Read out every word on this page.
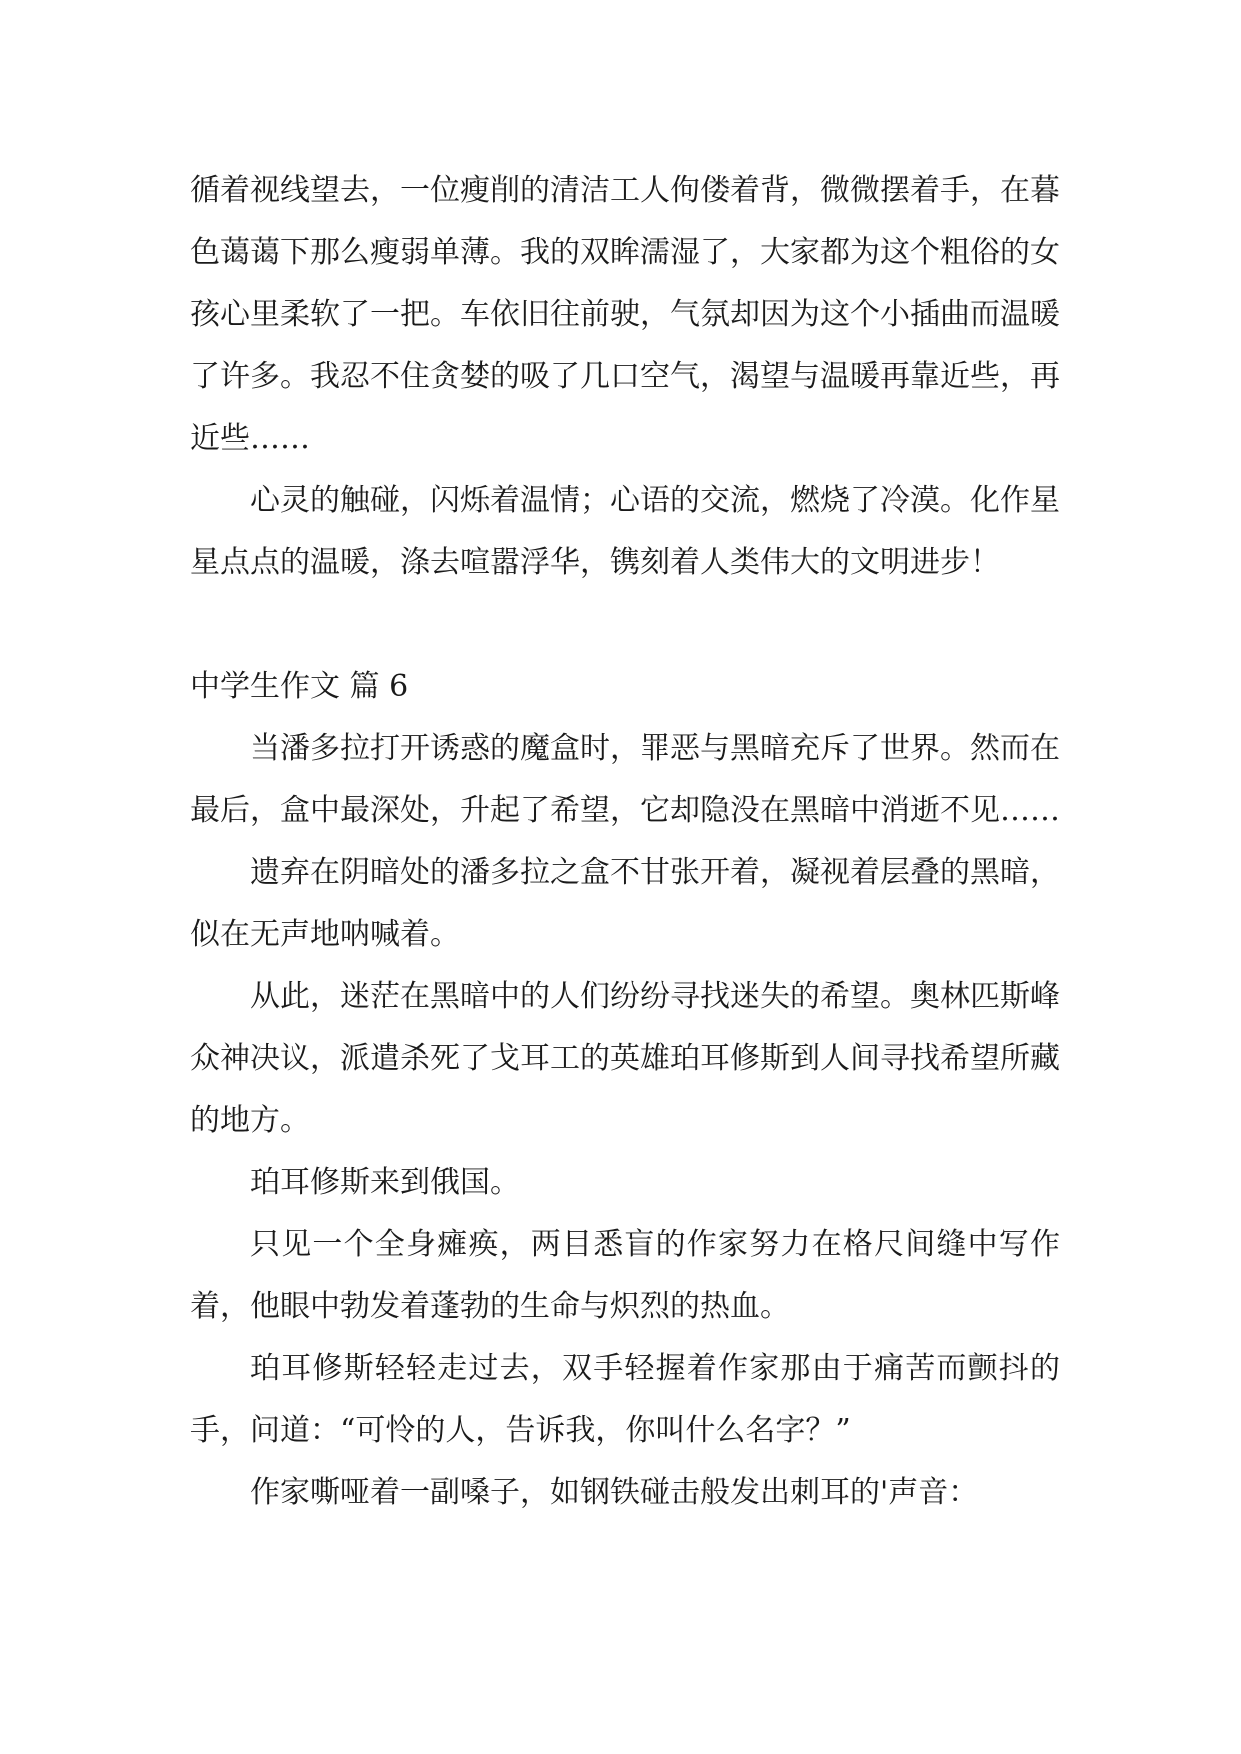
循着视线望去，一位瘦削的清洁工人佝偻着背，微微摆着手，在暮色蔼蔼下那么瘦弱单薄。我的双眸濡湿了，大家都为这个粗俗的女孩心里柔软了一把。车依旧往前驶，气氛却因为这个小插曲而温暖了许多。我忍不住贪婪的吸了几口空气，渴望与温暖再靠近些，再近些……

心灵的触碰，闪烁着温情；心语的交流，燃烧了冷漠。化作星星点点的温暖，涤去喧嚣浮华，镌刻着人类伟大的文明进步！

中学生作文 篇 6

当潘多拉打开诱惑的魔盒时，罪恶与黑暗充斥了世界。然而在最后，盒中最深处，升起了希望，它却隐没在黑暗中消逝不见……

遗弃在阴暗处的潘多拉之盒不甘张开着，凝视着层叠的黑暗，似在无声地呐喊着。

从此，迷茫在黑暗中的人们纷纷寻找迷失的希望。奥林匹斯峰众神决议，派遣杀死了戈耳工的英雄珀耳修斯到人间寻找希望所藏的地方。

珀耳修斯来到俄国。

只见一个全身瘫痪，两目悉盲的作家努力在格尺间缝中写作着，他眼中勃发着蓬勃的生命与炽烈的热血。

珀耳修斯轻轻走过去，双手轻握着作家那由于痛苦而颤抖的手，问道：“可怜的人，告诉我，你叫什么名字？”

作家嘶哑着一副嗓子，如钢铁碰击般发出刺耳的'声音：
